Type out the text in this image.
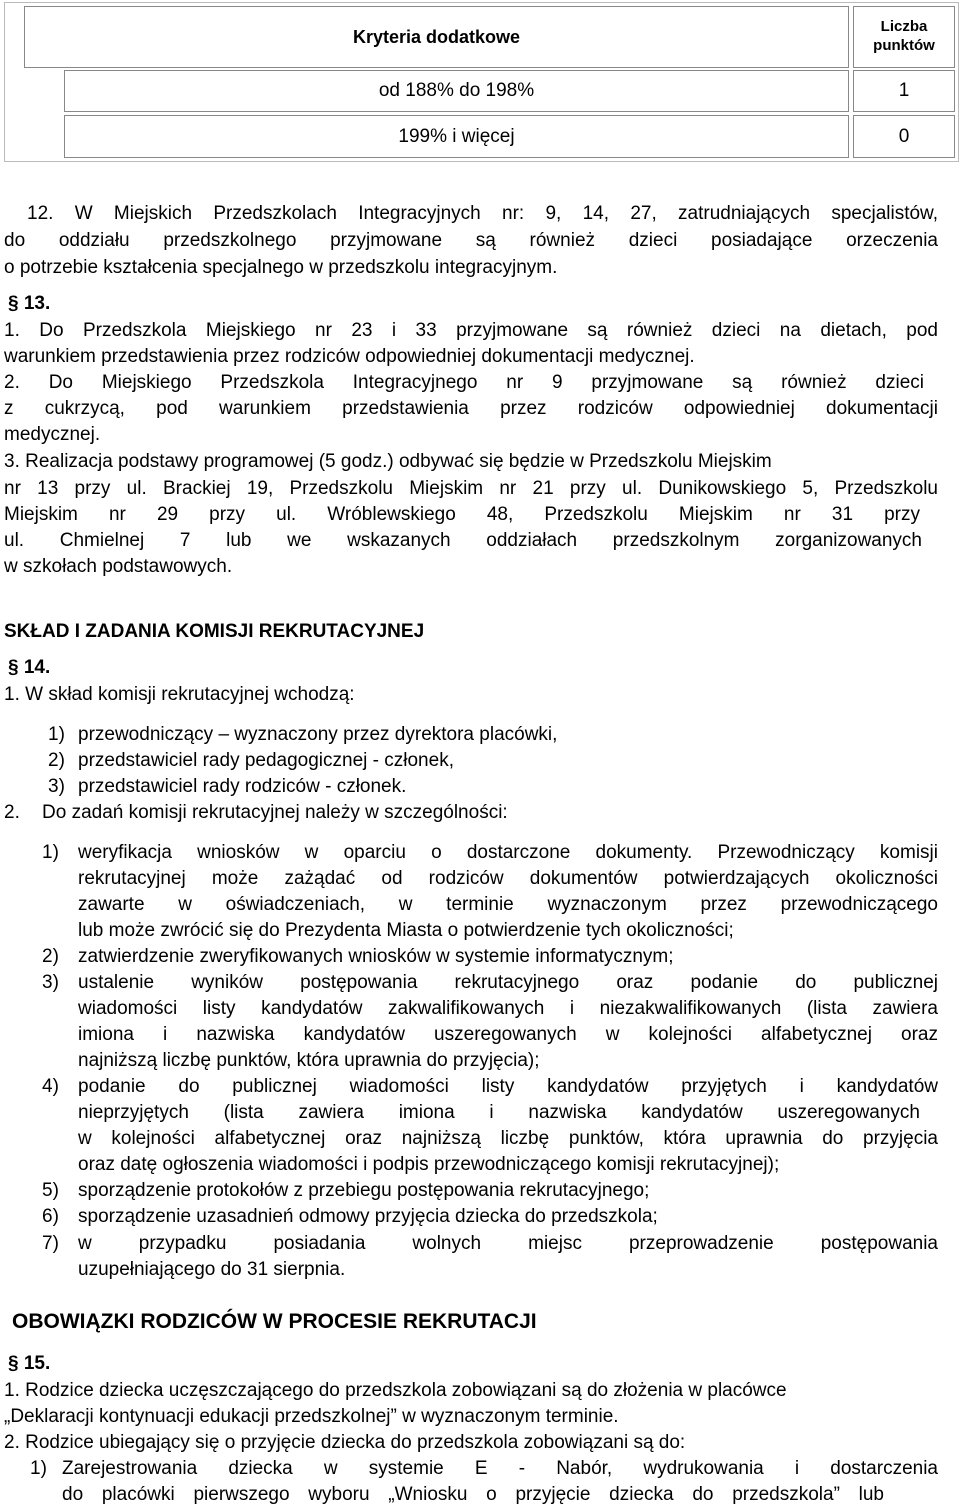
Kryteria dodatkowe	Liczba punktów
od 188% do 198%	1
199% i więcej	0
12. W Miejskich Przedszkolach Integracyjnych nr: 9, 14, 27, zatrudniających specjalistów,
do oddziału przedszkolnego przyjmowane są również dzieci posiadające orzeczenia
o potrzebie kształcenia specjalnego w przedszkolu integracyjnym.
§ 13.
1. Do Przedszkola Miejskiego nr 23 i 33 przyjmowane są również dzieci na dietach, pod
warunkiem przedstawienia przez rodziców odpowiedniej dokumentacji medycznej.
2. Do Miejskiego Przedszkola Integracyjnego nr 9 przyjmowane są również dzieci
z cukrzycą, pod warunkiem przedstawienia przez rodziców odpowiedniej dokumentacji
medycznej.
3. Realizacja podstawy programowej (5 godz.) odbywać się będzie w Przedszkolu Miejskim
nr 13 przy ul. Brackiej 19, Przedszkolu Miejskim nr 21 przy ul. Dunikowskiego 5, Przedszkolu
Miejskim nr 29 przy ul. Wróblewskiego 48, Przedszkolu Miejskim nr 31 przy
ul. Chmielnej 7 lub we wskazanych oddziałach przedszkolnym zorganizowanych
w szkołach podstawowych.
SKŁAD I ZADANIA KOMISJI REKRUTACYJNEJ
§ 14.
1. W skład komisji rekrutacyjnej wchodzą:
1) przewodniczący – wyznaczony przez dyrektora placówki,
2) przedstawiciel rady pedagogicznej - członek,
3) przedstawiciel rady rodziców - członek.
2. Do zadań komisji rekrutacyjnej należy w szczególności:
1) weryfikacja wniosków w oparciu o dostarczone dokumenty. Przewodniczący komisji
rekrutacyjnej może zażądać od rodziców dokumentów potwierdzających okoliczności
zawarte w oświadczeniach, w terminie wyznaczonym przez przewodniczącego
lub może zwrócić się do Prezydenta Miasta o potwierdzenie tych okoliczności;
2) zatwierdzenie zweryfikowanych wniosków w systemie informatycznym;
3) ustalenie wyników postępowania rekrutacyjnego oraz podanie do publicznej
wiadomości listy kandydatów zakwalifikowanych i niezakwalifikowanych (lista zawiera
imiona i nazwiska kandydatów uszeregowanych w kolejności alfabetycznej oraz
najniższą liczbę punktów, która uprawnia do przyjęcia);
4) podanie do publicznej wiadomości listy kandydatów przyjętych i kandydatów
nieprzyjętych (lista zawiera imiona i nazwiska kandydatów uszeregowanych
w kolejności alfabetycznej oraz najniższą liczbę punktów, która uprawnia do przyjęcia
oraz datę ogłoszenia wiadomości i podpis przewodniczącego komisji rekrutacyjnej);
5) sporządzenie protokołów z przebiegu postępowania rekrutacyjnego;
6) sporządzenie uzasadnień odmowy przyjęcia dziecka do przedszkola;
7) w przypadku posiadania wolnych miejsc przeprowadzenie postępowania
uzupełniającego do 31 sierpnia.
OBOWIĄZKI RODZICÓW W PROCESIE REKRUTACJI
§ 15.
1. Rodzice dziecka uczęszczającego do przedszkola zobowiązani są do złożenia w placówce
„Deklaracji kontynuacji edukacji przedszkolnej” w wyznaczonym terminie.
2. Rodzice ubiegający się o przyjęcie dziecka do przedszkola zobowiązani są do:
1) Zarejestrowania dziecka w systemie E - Nabór, wydrukowania i dostarczenia
do placówki pierwszego wyboru „Wniosku o przyjęcie dziecka do przedszkola” lub
